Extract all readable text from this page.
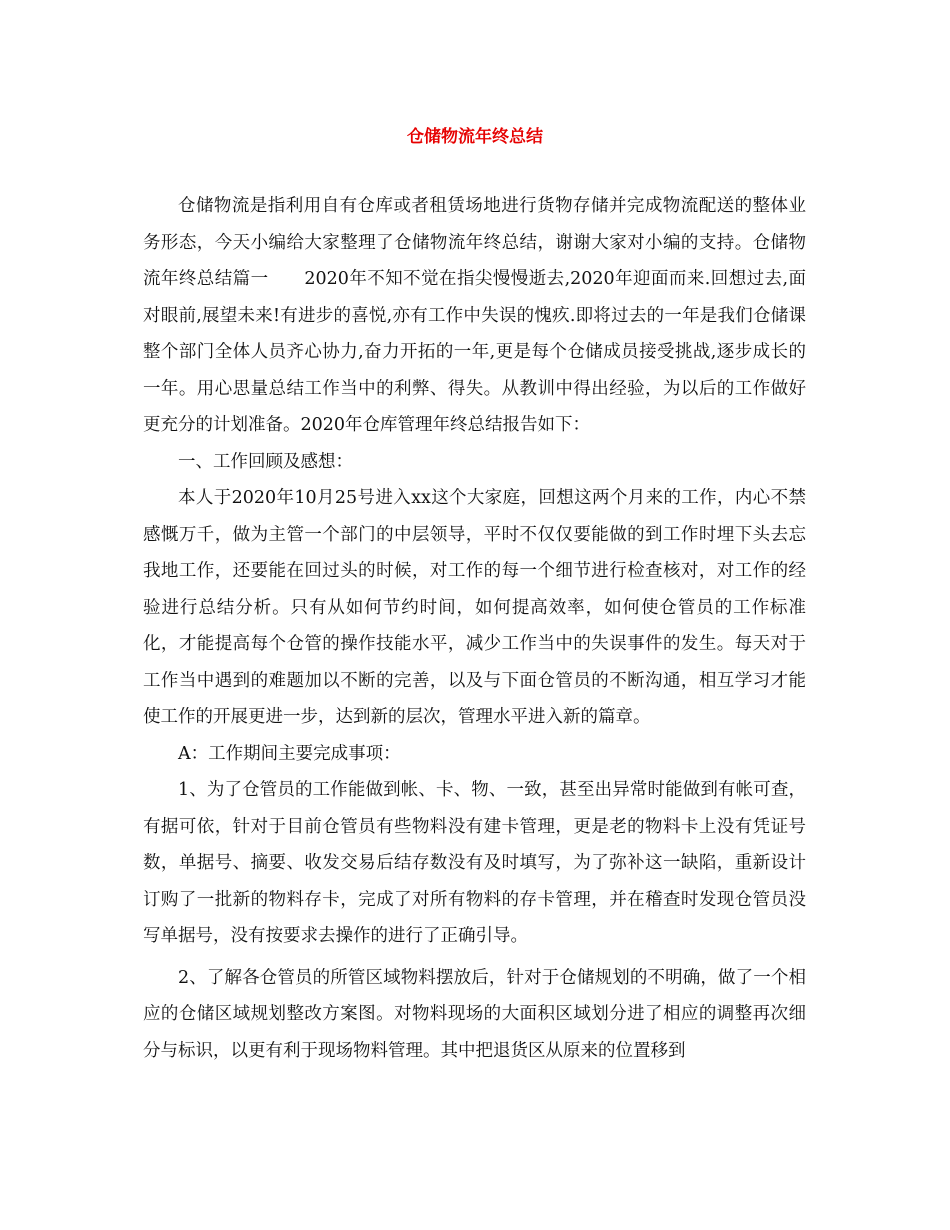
仓储物流年终总结

仓储物流是指利用自有仓库或者租赁场地进行货物存储并完成物流配送的整体业务形态，今天小编给大家整理了仓储物流年终总结，谢谢大家对小编的支持。仓储物流年终总结篇一　　2020年不知不觉在指尖慢慢逝去,2020年迎面而来.回想过去,面对眼前,展望未来!有进步的喜悦,亦有工作中失误的愧疚.即将过去的一年是我们仓储课整个部门全体人员齐心协力,奋力开拓的一年,更是每个仓储成员接受挑战,逐步成长的一年。用心思量总结工作当中的利弊、得失。从教训中得出经验，为以后的工作做好更充分的计划准备。2020年仓库管理年终总结报告如下：

一、工作回顾及感想：

本人于2020年10月25号进入xx这个大家庭，回想这两个月来的工作，内心不禁感慨万千，做为主管一个部门的中层领导，平时不仅仅要能做的到工作时埋下头去忘我地工作，还要能在回过头的时候，对工作的每一个细节进行检查核对，对工作的经验进行总结分析。只有从如何节约时间，如何提高效率，如何使仓管员的工作标准化，才能提高每个仓管的操作技能水平，减少工作当中的失误事件的发生。每天对于工作当中遇到的难题加以不断的完善，以及与下面仓管员的不断沟通，相互学习才能使工作的开展更进一步，达到新的层次，管理水平进入新的篇章。

A：工作期间主要完成事项：

1、为了仓管员的工作能做到帐、卡、物、一致，甚至出异常时能做到有帐可查，有据可依，针对于目前仓管员有些物料没有建卡管理，更是老的物料卡上没有凭证号数，单据号、摘要、收发交易后结存数没有及时填写，为了弥补这一缺陷，重新设计订购了一批新的物料存卡，完成了对所有物料的存卡管理，并在稽查时发现仓管员没写单据号，没有按要求去操作的进行了正确引导。

2、了解各仓管员的所管区域物料摆放后，针对于仓储规划的不明确，做了一个相应的仓储区域规划整改方案图。对物料现场的大面积区域划分进了相应的调整再次细分与标识，以更有利于现场物料管理。其中把退货区从原来的位置移到
